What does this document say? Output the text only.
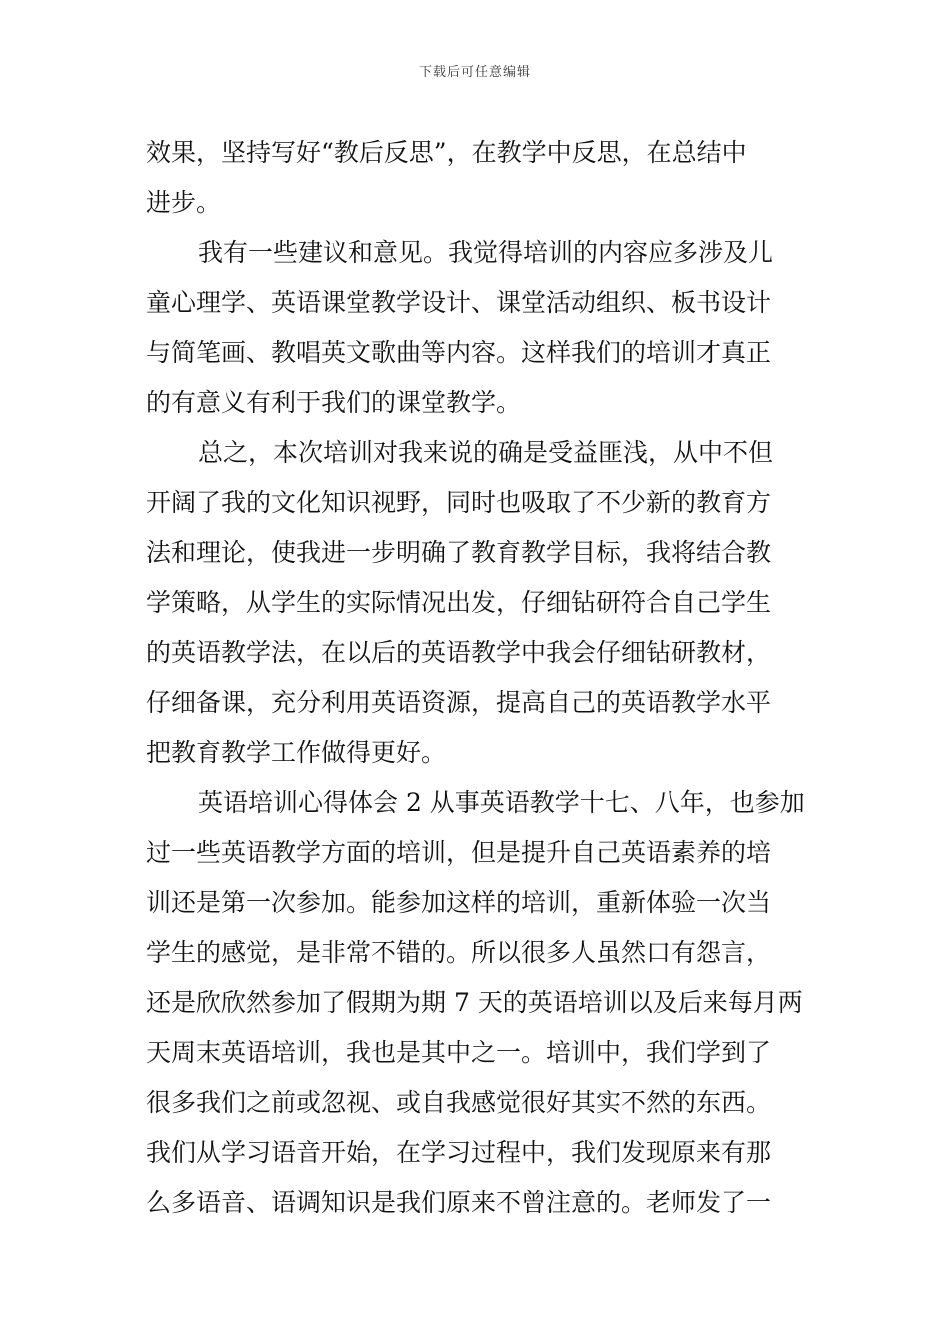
下载后可任意编辑
效果，坚持写好“教后反思”，在教学中反思，在总结中
进步。
我有一些建议和意见。我觉得培训的内容应多涉及儿
童心理学、英语课堂教学设计、课堂活动组织、板书设计
与简笔画、教唱英文歌曲等内容。这样我们的培训才真正
的有意义有利于我们的课堂教学。
总之，本次培训对我来说的确是受益匪浅，从中不但
开阔了我的文化知识视野，同时也吸取了不少新的教育方
法和理论，使我进一步明确了教育教学目标，我将结合教
学策略，从学生的实际情况出发，仔细钻研符合自己学生
的英语教学法，在以后的英语教学中我会仔细钻研教材，
仔细备课，充分利用英语资源，提高自己的英语教学水平
把教育教学工作做得更好。
英语培训心得体会 2 从事英语教学十七、八年，也参加
过一些英语教学方面的培训，但是提升自己英语素养的培
训还是第一次参加。能参加这样的培训，重新体验一次当
学生的感觉，是非常不错的。所以很多人虽然口有怨言，
还是欣欣然参加了假期为期 7 天的英语培训以及后来每月两
天周末英语培训，我也是其中之一。培训中，我们学到了
很多我们之前或忽视、或自我感觉很好其实不然的东西。
我们从学习语音开始，在学习过程中，我们发现原来有那
么多语音、语调知识是我们原来不曾注意的。老师发了一
